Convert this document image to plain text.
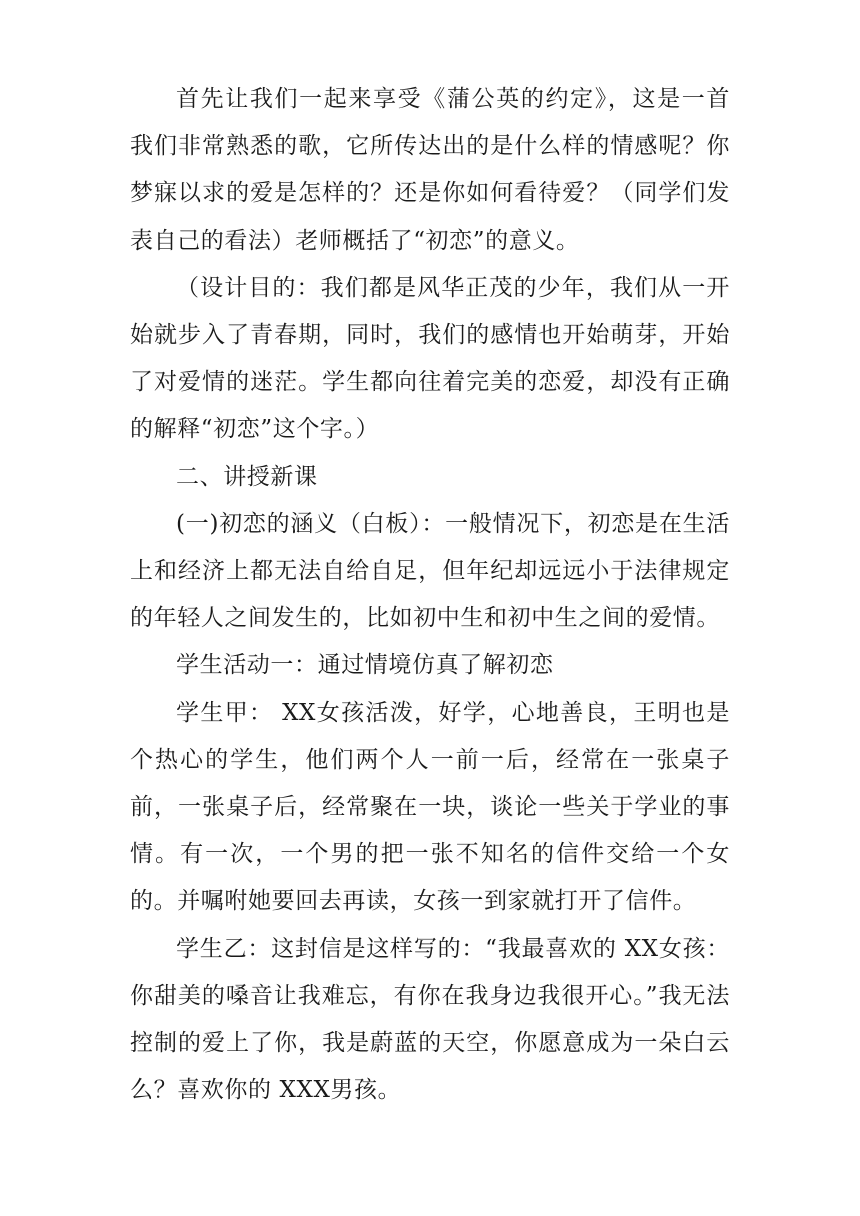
首先让我们一起来享受《蒲公英的约定》，这是一首我们非常熟悉的歌，它所传达出的是什么样的情感呢？你梦寐以求的爱是怎样的？还是你如何看待爱？（同学们发表自己的看法）老师概括了“初恋”的意义。

（设计目的：我们都是风华正茂的少年，我们从一开始就步入了青春期，同时，我们的感情也开始萌芽，开始了对爱情的迷茫。学生都向往着完美的恋爱，却没有正确的解释“初恋”这个字。）

二、讲授新课

(一)初恋的涵义（白板）：一般情况下，初恋是在生活上和经济上都无法自给自足，但年纪却远远小于法律规定的年轻人之间发生的，比如初中生和初中生之间的爱情。

学生活动一：通过情境仿真了解初恋

学生甲： XX女孩活泼，好学，心地善良，王明也是个热心的学生，他们两个人一前一后，经常在一张桌子前，一张桌子后，经常聚在一块，谈论一些关于学业的事情。有一次，一个男的把一张不知名的信件交给一个女的。并嘱咐她要回去再读，女孩一到家就打开了信件。

学生乙：这封信是这样写的：“我最喜欢的 XX女孩：你甜美的嗓音让我难忘，有你在我身边我很开心。”我无法控制的爱上了你，我是蔚蓝的天空，你愿意成为一朵白云么？喜欢你的 XXX男孩。
